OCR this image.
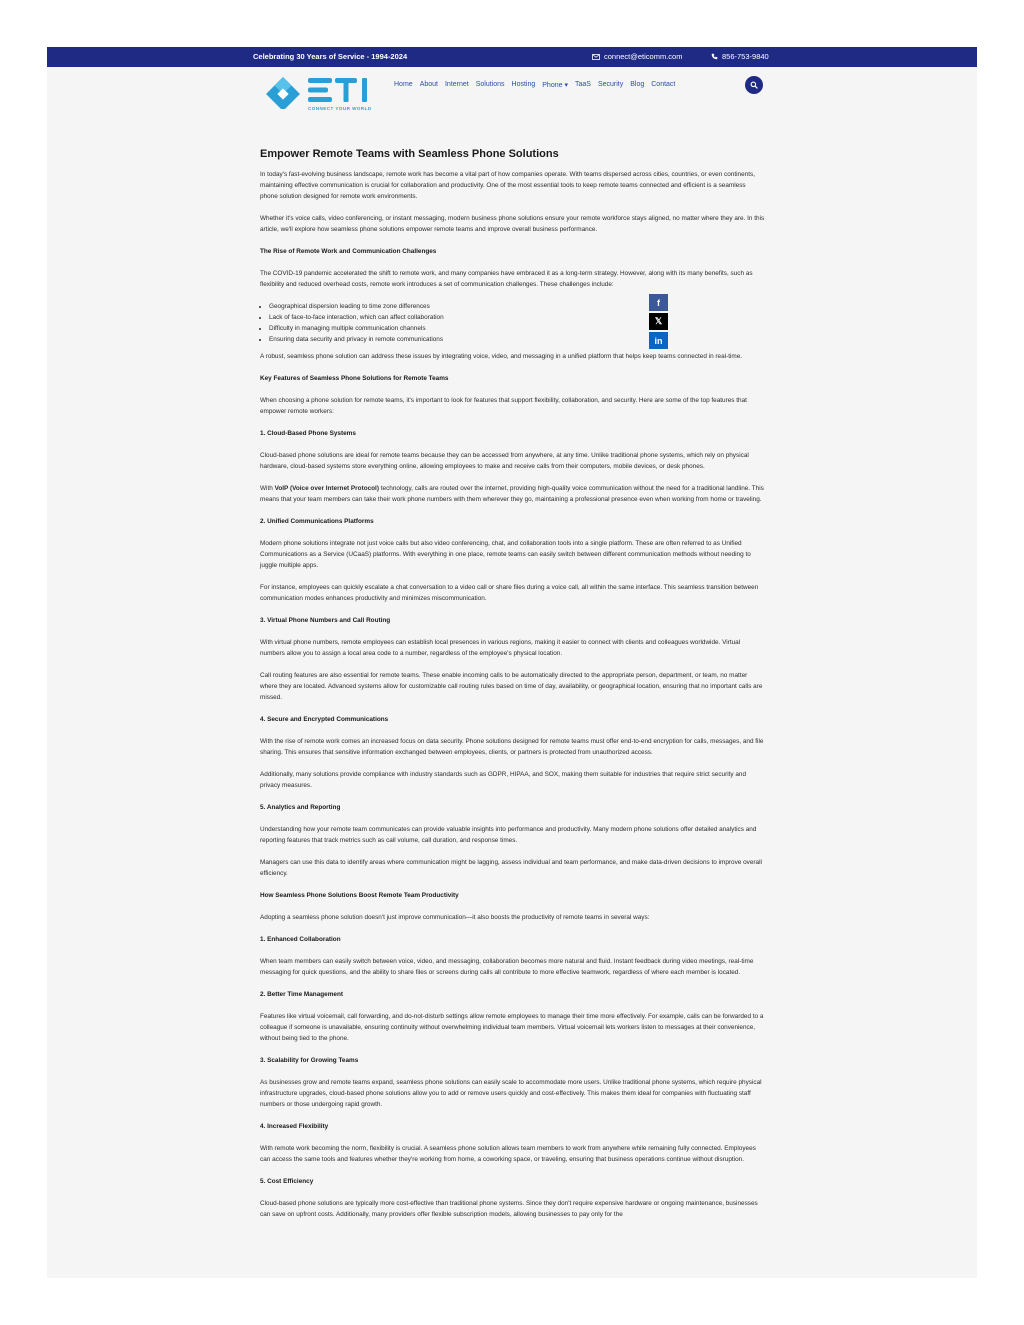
Celebrating 30 Years of Service - 1994-2024	connect@eticomm.com	856-753-9840
CONNECT YOUR WORLD
Home About Internet Solutions Hosting Phone ▾ TaaS Security Blog Contact
f
𝕏
in
Empower Remote Teams with Seamless Phone Solutions

In today's fast-evolving business landscape, remote work has become a vital part of how companies operate. With teams dispersed across cities, countries, or even continents, maintaining effective communication is crucial for collaboration and productivity. One of the most essential tools to keep remote teams connected and efficient is a seamless phone solution designed for remote work environments.

Whether it's voice calls, video conferencing, or instant messaging, modern business phone solutions ensure your remote workforce stays aligned, no matter where they are. In this article, we'll explore how seamless phone solutions empower remote teams and improve overall business performance.

The Rise of Remote Work and Communication Challenges

The COVID-19 pandemic accelerated the shift to remote work, and many companies have embraced it as a long-term strategy. However, along with its many benefits, such as flexibility and reduced overhead costs, remote work introduces a set of communication challenges. These challenges include:

• Geographical dispersion leading to time zone differences
• Lack of face-to-face interaction, which can affect collaboration
• Difficulty in managing multiple communication channels
• Ensuring data security and privacy in remote communications

A robust, seamless phone solution can address these issues by integrating voice, video, and messaging in a unified platform that helps keep teams connected in real-time.

Key Features of Seamless Phone Solutions for Remote Teams

When choosing a phone solution for remote teams, it's important to look for features that support flexibility, collaboration, and security. Here are some of the top features that empower remote workers:

1. Cloud-Based Phone Systems

Cloud-based phone solutions are ideal for remote teams because they can be accessed from anywhere, at any time. Unlike traditional phone systems, which rely on physical hardware, cloud-based systems store everything online, allowing employees to make and receive calls from their computers, mobile devices, or desk phones.

With VoIP (Voice over Internet Protocol) technology, calls are routed over the internet, providing high-quality voice communication without the need for a traditional landline. This means that your team members can take their work phone numbers with them wherever they go, maintaining a professional presence even when working from home or traveling.

2. Unified Communications Platforms

Modern phone solutions integrate not just voice calls but also video conferencing, chat, and collaboration tools into a single platform. These are often referred to as Unified Communications as a Service (UCaaS) platforms. With everything in one place, remote teams can easily switch between different communication methods without needing to juggle multiple apps.

For instance, employees can quickly escalate a chat conversation to a video call or share files during a voice call, all within the same interface. This seamless transition between communication modes enhances productivity and minimizes miscommunication.

3. Virtual Phone Numbers and Call Routing

With virtual phone numbers, remote employees can establish local presences in various regions, making it easier to connect with clients and colleagues worldwide. Virtual numbers allow you to assign a local area code to a number, regardless of the employee's physical location.

Call routing features are also essential for remote teams. These enable incoming calls to be automatically directed to the appropriate person, department, or team, no matter where they are located. Advanced systems allow for customizable call routing rules based on time of day, availability, or geographical location, ensuring that no important calls are missed.

4. Secure and Encrypted Communications

With the rise of remote work comes an increased focus on data security. Phone solutions designed for remote teams must offer end-to-end encryption for calls, messages, and file sharing. This ensures that sensitive information exchanged between employees, clients, or partners is protected from unauthorized access.

Additionally, many solutions provide compliance with industry standards such as GDPR, HIPAA, and SOX, making them suitable for industries that require strict security and privacy measures.

5. Analytics and Reporting

Understanding how your remote team communicates can provide valuable insights into performance and productivity. Many modern phone solutions offer detailed analytics and reporting features that track metrics such as call volume, call duration, and response times.

Managers can use this data to identify areas where communication might be lagging, assess individual and team performance, and make data-driven decisions to improve overall efficiency.

How Seamless Phone Solutions Boost Remote Team Productivity

Adopting a seamless phone solution doesn't just improve communication—it also boosts the productivity of remote teams in several ways:

1. Enhanced Collaboration

When team members can easily switch between voice, video, and messaging, collaboration becomes more natural and fluid. Instant feedback during video meetings, real-time messaging for quick questions, and the ability to share files or screens during calls all contribute to more effective teamwork, regardless of where each member is located.

2. Better Time Management

Features like virtual voicemail, call forwarding, and do-not-disturb settings allow remote employees to manage their time more effectively. For example, calls can be forwarded to a colleague if someone is unavailable, ensuring continuity without overwhelming individual team members. Virtual voicemail lets workers listen to messages at their convenience, without being tied to the phone.

3. Scalability for Growing Teams

As businesses grow and remote teams expand, seamless phone solutions can easily scale to accommodate more users. Unlike traditional phone systems, which require physical infrastructure upgrades, cloud-based phone solutions allow you to add or remove users quickly and cost-effectively. This makes them ideal for companies with fluctuating staff numbers or those undergoing rapid growth.

4. Increased Flexibility

With remote work becoming the norm, flexibility is crucial. A seamless phone solution allows team members to work from anywhere while remaining fully connected. Employees can access the same tools and features whether they're working from home, a coworking space, or traveling, ensuring that business operations continue without disruption.

5. Cost Efficiency

Cloud-based phone solutions are typically more cost-effective than traditional phone systems. Since they don't require expensive hardware or ongoing maintenance, businesses can save on upfront costs. Additionally, many providers offer flexible subscription models, allowing businesses to pay only for the
